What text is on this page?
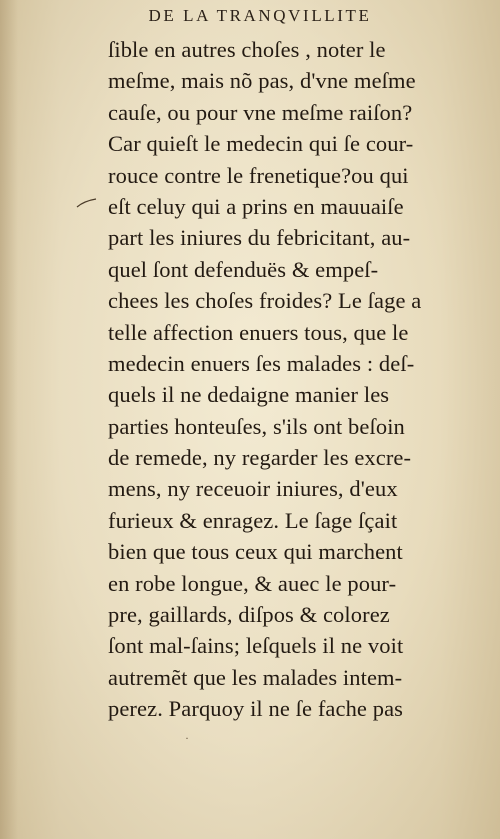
DE LA TRANQVILLITE
ſible en autres choſes , noter le
meſme, mais nõ pas, d'vne meſme
cauſe, ou pour vne meſme raiſon?
Car quieſt le medecin qui ſe cour-
rouce contre le frenetique?ou qui
eſt celuy qui a prins en mauuaiſe
part les iniures du febricitant, au-
quel ſont defenduës & empeſ-
chees les choſes froides? Le ſage a
telle affection enuers tous, que le
medecin enuers ſes malades : deſ-
quels il ne dedaigne manier les
parties honteuſes, s'ils ont beſoin
de remede, ny regarder les excre-
mens, ny receuoir iniures, d'eux
furieux & enragez. Le ſage ſçait
bien que tous ceux qui marchent
en robe longue, & auec le pour-
pre, gaillards, diſpos & colorez
ſont mal-ſains; leſquels il ne voit
autremẽt que les malades intem-
perez. Parquoy il ne ſe fache pas
·
